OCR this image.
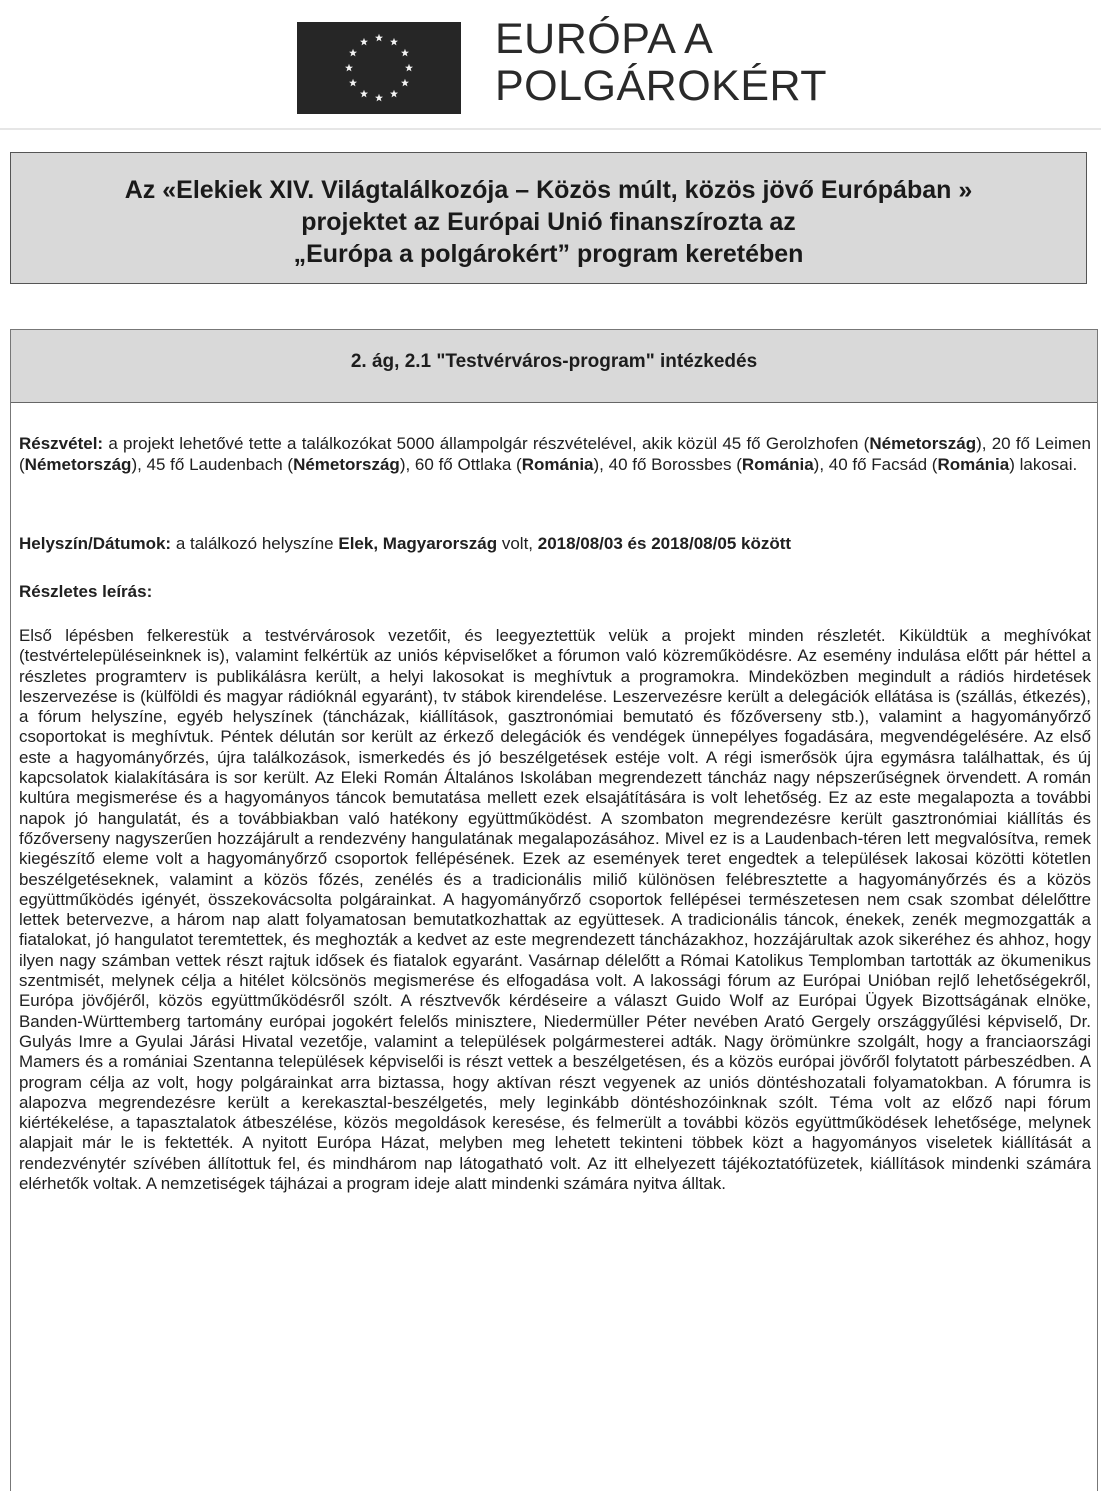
EURÓPA A
POLGÁROKÉRT
Az «Elekiek XIV. Világtalálkozója – Közös múlt, közös jövő Európában »
projektet az Európai Unió finanszírozta az
„Európa a polgárokért” program keretében
2. ág, 2.1 "Testvérváros-program" intézkedés
Részvétel: a projekt lehetővé tette a találkozókat 5000 állampolgár részvételével, akik közül 45 fő Gerolzhofen (Németország), 20 fő Leimen (Németország), 45 fő Laudenbach (Németország), 60 fő Ottlaka (Románia), 40 fő Borossbes (Románia), 40 fő Facsád (Románia) lakosai.
Helyszín/Dátumok: a találkozó helyszíne Elek, Magyarország volt, 2018/08/03 és 2018/08/05 között
Részletes leírás:
Első lépésben felkerestük a testvérvárosok vezetőit, és leegyeztettük velük a projekt minden részletét. Kiküldtük a meghívókat (testvértelepüléseinknek is), valamint felkértük az uniós képviselőket a fórumon való közreműködésre. Az esemény indulása előtt pár héttel a részletes programterv is publikálásra került, a helyi lakosokat is meghívtuk a programokra. Mindeközben megindult a rádiós hirdetések leszervezése is (külföldi és magyar rádióknál egyaránt), tv stábok kirendelése. Leszervezésre került a delegációk ellátása is (szállás, étkezés), a fórum helyszíne, egyéb helyszínek (táncházak, kiállítások, gasztronómiai bemutató és főzőverseny stb.), valamint a hagyományőrző csoportokat is meghívtuk. Péntek délután sor került az érkező delegációk és vendégek ünnepélyes fogadására, megvendégelésére. Az első este a hagyományőrzés, újra találkozások, ismerkedés és jó beszélgetések estéje volt. A régi ismerősök újra egymásra találhattak, és új kapcsolatok kialakítására is sor került. Az Eleki Román Általános Iskolában megrendezett táncház nagy népszerűségnek örvendett. A román kultúra megismerése és a hagyományos táncok bemutatása mellett ezek elsajátítására is volt lehetőség. Ez az este megalapozta a további napok jó hangulatát, és a továbbiakban való hatékony együttműködést. A szombaton megrendezésre került gasztronómiai kiállítás és főzőverseny nagyszerűen hozzájárult a rendezvény hangulatának megalapozásához. Mivel ez is a Laudenbach-téren lett megvalósítva, remek kiegészítő eleme volt a hagyományőrző csoportok fellépésének. Ezek az események teret engedtek a települések lakosai közötti kötetlen beszélgetéseknek, valamint a közös főzés, zenélés és a tradicionális miliő különösen felébresztette a hagyományőrzés és a közös együttműködés igényét, összekovácsolta polgárainkat. A hagyományőrző csoportok fellépései természetesen nem csak szombat délelőttre lettek betervezve, a három nap alatt folyamatosan bemutatkozhattak az együttesek. A tradicionális táncok, énekek, zenék megmozgatták a fiatalokat, jó hangulatot teremtettek, és meghozták a kedvet az este megrendezett táncházakhoz, hozzájárultak azok sikeréhez és ahhoz, hogy ilyen nagy számban vettek részt rajtuk idősek és fiatalok egyaránt. Vasárnap délelőtt a Római Katolikus Templomban tartották az ökumenikus szentmisét, melynek célja a hitélet kölcsönös megismerése és elfogadása volt. A lakossági fórum az Európai Unióban rejlő lehetőségekről, Európa jövőjéről, közös együttműködésről szólt. A résztvevők kérdéseire a választ Guido Wolf az Európai Ügyek Bizottságának elnöke, Banden-Württemberg tartomány európai jogokért felelős minisztere, Niedermüller Péter nevében Arató Gergely országgyűlési képviselő, Dr. Gulyás Imre a Gyulai Járási Hivatal vezetője, valamint a települések polgármesterei adták. Nagy örömünkre szolgált, hogy a franciaországi Mamers és a romániai Szentanna települések képviselői is részt vettek a beszélgetésen, és a közös európai jövőről folytatott párbeszédben. A program célja az volt, hogy polgárainkat arra biztassa, hogy aktívan részt vegyenek az uniós döntéshozatali folyamatokban. A fórumra is alapozva megrendezésre került a kerekasztal-beszélgetés, mely leginkább döntéshozóinknak szólt. Téma volt az előző napi fórum kiértékelése, a tapasztalatok átbeszélése, közös megoldások keresése, és felmerült a további közös együttműködések lehetősége, melynek alapjait már le is fektették. A nyitott Európa Házat, melyben meg lehetett tekinteni többek közt a hagyományos viseletek kiállítását a rendezvénytér szívében állítottuk fel, és mindhárom nap látogatható volt. Az itt elhelyezett tájékoztatófüzetek, kiállítások mindenki számára elérhetők voltak. A nemzetiségek tájházai a program ideje alatt mindenki számára nyitva álltak.
